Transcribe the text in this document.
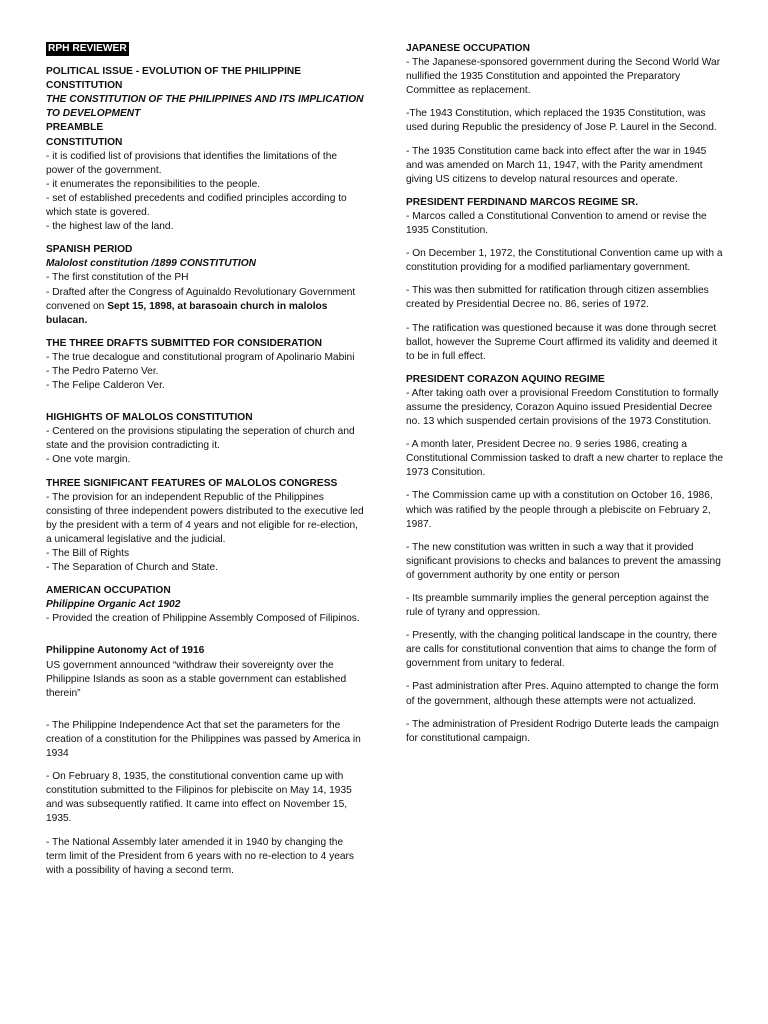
RPH REVIEWER
POLITICAL ISSUE - EVOLUTION OF THE PHILIPPINE CONSTITUTION
THE CONSTITUTION OF THE PHILIPPINES AND ITS IMPLICATION TO DEVELOPMENT
PREAMBLE

CONSTITUTION

- it is codified list of provisions that identifies the limitations of the power of the government.

- it enumerates the reponsibilities to the people.

- set of established precedents and codified principles according to which state is govered.

- the highest law of the land.

SPANISH PERIOD

Malolost constitution /1899 CONSTITUTION

- The first constitution of the PH

- Drafted after the Congress of Aguinaldo Revolutionary Government convened on Sept 15, 1898, at barasoain church in malolos bulacan.

THE THREE DRAFTS SUBMITTED FOR CONSIDERATION

- The true decalogue and constitutional program of Apolinario Mabini

- The Pedro Paterno Ver.

- The Felipe Calderon Ver.

HIGHIGHTS OF MALOLOS CONSTITUTION

- Centered on the provisions stipulating the seperation of church and state and the provision contradicting it.

- One vote margin.

THREE SIGNIFICANT FEATURES OF MALOLOS CONGRESS

- The provision for an independent Republic of the Philippines consisting of three independent powers distributed to the executive led by the president with a term of 4 years and not eligible for re-election, a unicameral legislative and the judicial.

- The Bill of Rights

- The Separation of Church and State.

AMERICAN OCCUPATION

Philippine Organic Act 1902

- Provided the creation of Philippine Assembly Composed of Filipinos.

Philippine Autonomy Act of 1916

US government announced “withdraw their sovereignty over the Philippine Islands as soon as a stable government can established therein”

- The Philippine Independence Act that set the parameters for the creation of a constitution for the Philippines was passed by America in 1934
- On February 8, 1935, the constitutional convention came up with constitution submitted to the Filipinos for plebiscite on May 14, 1935 and was subsequently ratified. It came into effect on November 15, 1935.
- The National Assembly later amended it in 1940 by changing the term limit of the President from 6 years with no re-election to 4 years with a possibility of having a second term.

JAPANESE OCCUPATION

- The Japanese-sponsored government during the Second World War nullified the 1935 Constitution and appointed the Preparatory Committee as replacement.

-The 1943 Constitution, which replaced the 1935 Constitution, was used during Republic the presidency of Jose P. Laurel in the Second.
- The 1935 Constitution came back into effect after the war in 1945 and was amended on March 11, 1947, with the Parity amendment giving US citizens to develop natural resources and operate.

PRESIDENT FERDINAND MARCOS REGIME SR.

- Marcos called a Constitutional Convention to amend or revise the 1935 Constitution.

- On December 1, 1972, the Constitutional Convention came up with a constitution providing for a modified parliamentary government.
- This was then submitted for ratification through citizen assemblies created by Presidential Decree no. 86, series of 1972.
- The ratification was questioned because it was done through secret ballot, however the Supreme Court affirmed its validity and deemed it to be in full effect.

PRESIDENT CORAZON AQUINO REGIME

- After taking oath over a provisional Freedom Constitution to formally assume the presidency, Corazon Aquino issued Presidential Decree no. 13 which suspended certain provisions of the 1973 Constitution.

- A month later, President Decree no. 9 series 1986, creating a Constitutional Commission tasked to draft a new charter to replace the 1973 Consitution.
- The Commission came up with a constitution on October 16, 1986, which was ratified by the people through a plebiscite on February 2, 1987.
- The new constitution was written in such a way that it provided significant provisions to checks and balances to prevent the amassing of government authority by one entity or person
- Its preamble summarily implies the general perception against the rule of tyrany and oppression.
- Presently, with the changing political landscape in the country, there are calls for constitutional convention that aims to change the form of government from unitary to federal.
- Past administration after Pres. Aquino attempted to change the form of the government, although these attempts were not actualized.
- The administration of President Rodrigo Duterte leads the campaign for constitutional campaign.
